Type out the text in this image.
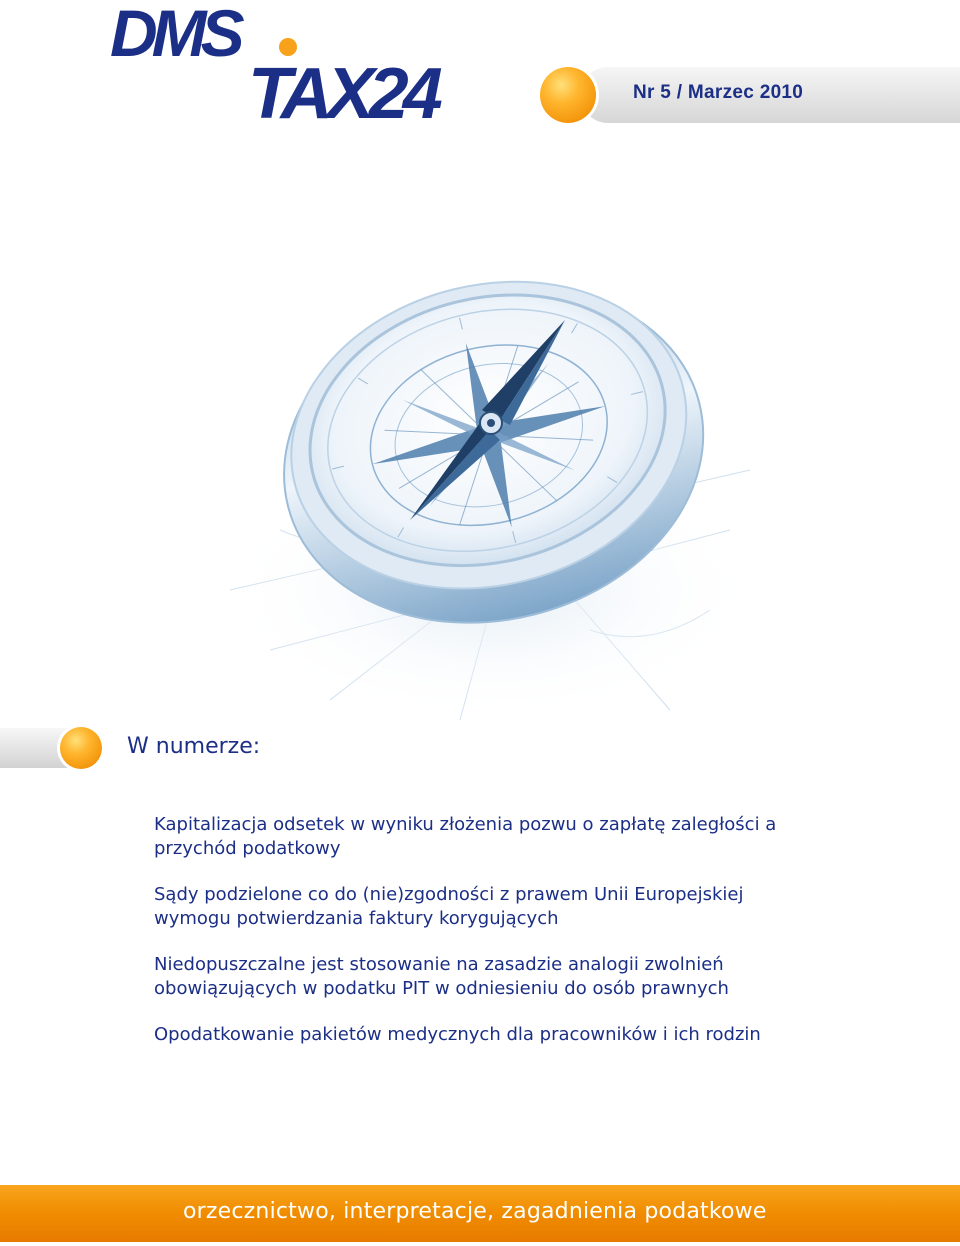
DMS
TAX24	Nr 5 / Marzec 2010
W numerze:
Kapitalizacja odsetek w wyniku złożenia pozwu o zapłatę zaległości a
przychód podatkowy
Sądy podzielone co do (nie)zgodności z prawem Unii Europejskiej
wymogu potwierdzania faktury korygujących
Niedopuszczalne jest stosowanie na zasadzie analogii zwolnień
obowiązujących w podatku PIT w odniesieniu do osób prawnych
Opodatkowanie pakietów medycznych dla pracowników i ich rodzin
orzecznictwo, interpretacje, zagadnienia podatkowe
